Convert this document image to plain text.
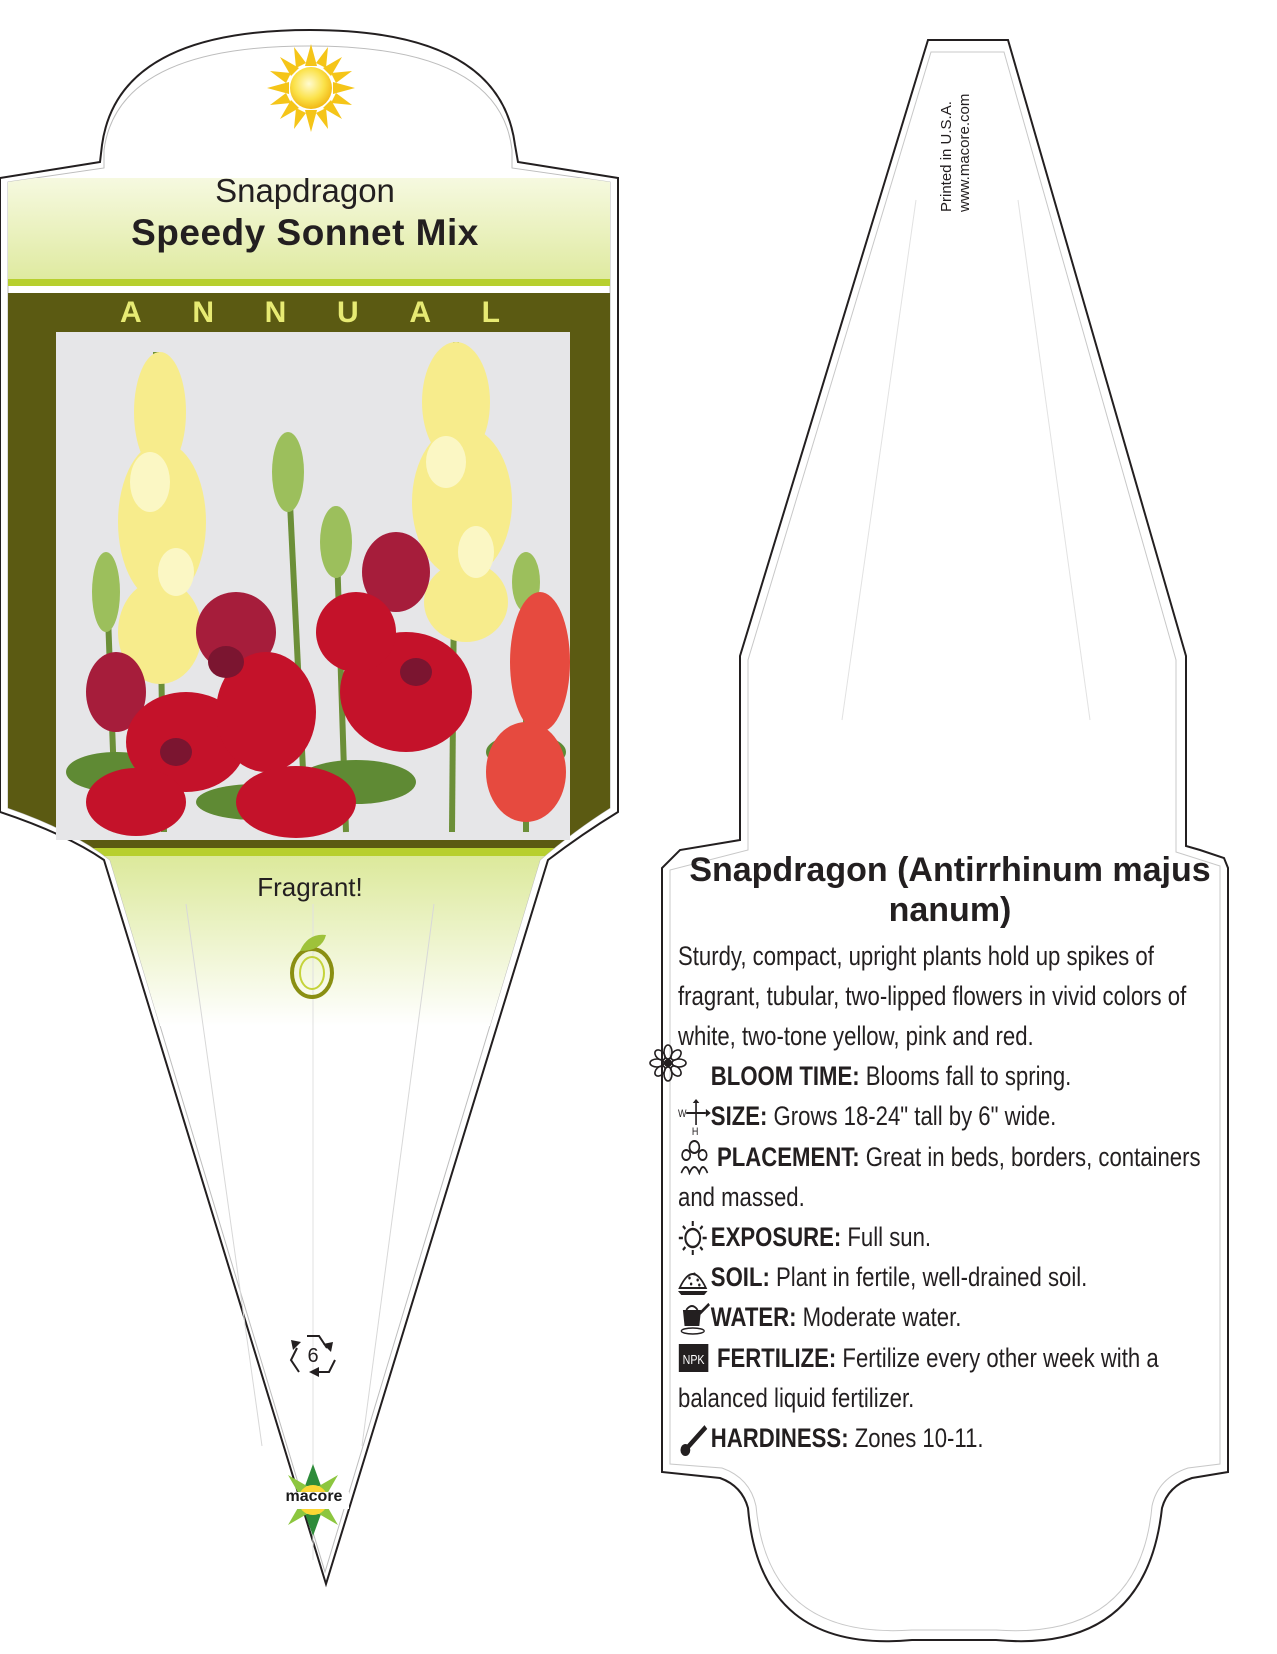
Snapdragon
Speedy Sonnet Mix
A N N U A L
Fragrant!
6
macore
Printed in U.S.A. www.macore.com
Snapdragon (Antirrhinum majus nanum)
Sturdy, compact, upright plants hold up spikes of fragrant, tubular, two-lipped flowers in vivid colors of white, two-tone yellow, pink and red.
BLOOM TIME: Blooms fall to spring.
W
H
SIZE: Grows 18-24" tall by 6" wide.
PLACEMENT: Great in beds, borders, containers and massed.
EXPOSURE: Full sun.
SOIL: Plant in fertile, well-drained soil.
WATER: Moderate water.
NPK FERTILIZE: Fertilize every other week with a balanced liquid fertilizer.
HARDINESS: Zones 10-11.
